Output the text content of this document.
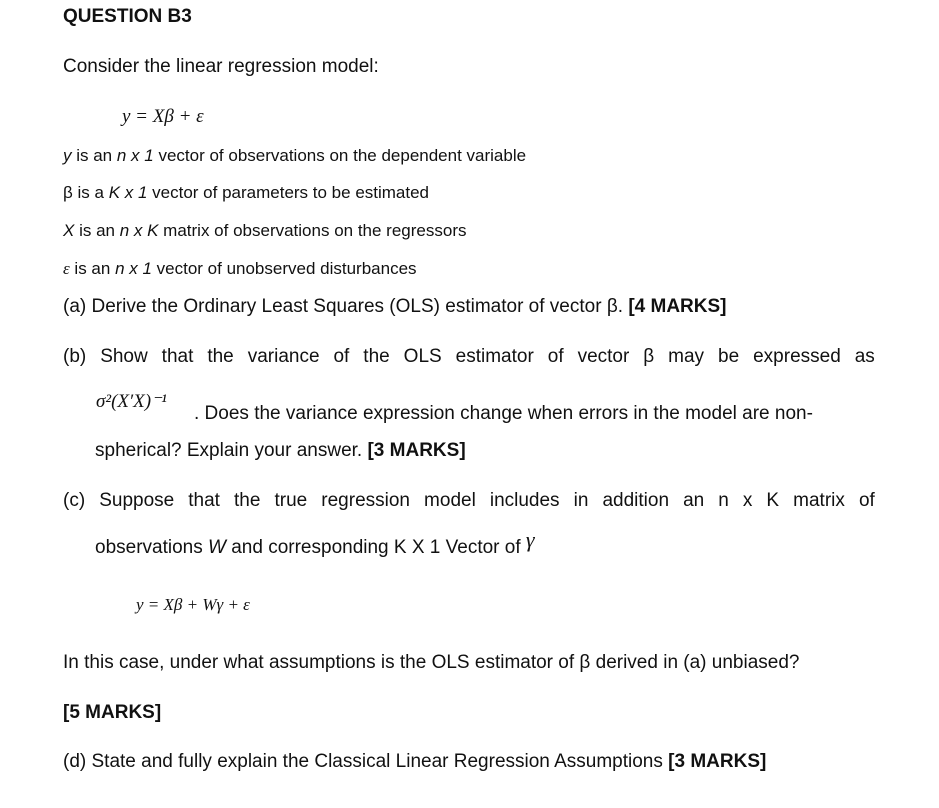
QUESTION B3
Consider the linear regression model:
y = Xβ + ε
y is an n x 1 vector of observations on the dependent variable
β is a K x 1 vector of parameters to be estimated
X is an n x K matrix of observations on the regressors
ε is an n x 1 vector of unobserved disturbances
(a) Derive the Ordinary Least Squares (OLS) estimator of vector β. [4 MARKS]
(b) Show that the variance of the OLS estimator of vector β may be expressed as
σ²(X′X)⁻¹
. Does the variance expression change when errors in the model are non-
spherical? Explain your answer. [3 MARKS]
(c) Suppose that the true regression model includes in addition an n x K matrix of
observations W and corresponding K X 1 Vector of γ
y = Xβ + Wγ + ε
In this case, under what assumptions is the OLS estimator of β derived in (a) unbiased?
[5 MARKS]
(d) State and fully explain the Classical Linear Regression Assumptions [3 MARKS]
